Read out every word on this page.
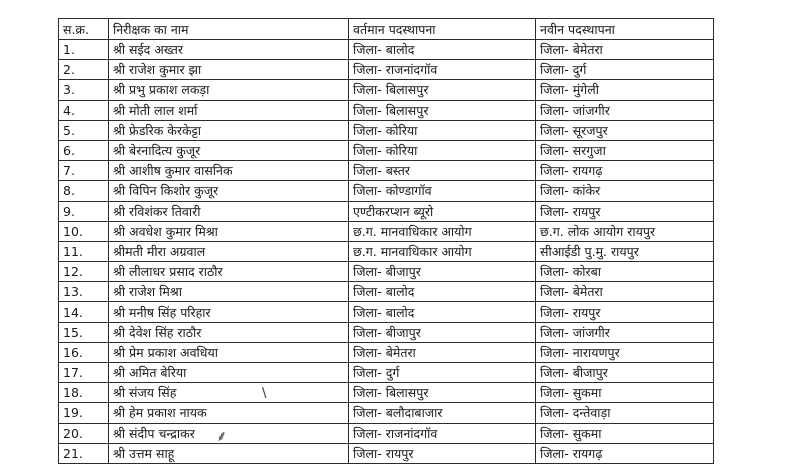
स.क्र.	निरीक्षक का नाम	वर्तमान पदस्थापना	नवीन पदस्थापना
1.	श्री सईद अख्तर	जिला- बालोद	जिला- बेमेतरा
2.	श्री राजेश कुमार झा	जिला- राजनांदगॉव	जिला- दुर्ग
3.	श्री प्रभु प्रकाश लकड़ा	जिला- बिलासपुर	जिला- मुंगेली
4.	श्री मोती लाल शर्मा	जिला- बिलासपुर	जिला- जांजगीर
5.	श्री फ्रेडरिक केरकेट्टा	जिला- कोरिया	जिला- सूरजपुर
6.	श्री बेरनादित्य कुजूर	जिला- कोरिया	जिला- सरगुजा
7.	श्री आशीष कुमार वासनिक	जिला- बस्तर	जिला- रायगढ़
8.	श्री विपिन किशोर कुजूर	जिला- कोण्डागॉव	जिला- कांकेर
9.	श्री रविशंकर तिवारी	एण्टीकरप्शन ब्यूरो	जिला- रायपुर
10.	श्री अवधेश कुमार मिश्रा	छ.ग. मानवाधिकार आयोग	छ.ग. लोक आयोग रायपुर
11.	श्रीमती मीरा अग्रवाल	छ.ग. मानवाधिकार आयोग	सीआईडी पु.मु. रायपुर
12.	श्री लीलाधर प्रसाद राठौर	जिला- बीजापुर	जिला- कोरबा
13.	श्री राजेश मिश्रा	जिला- बालोद	जिला- बेमेतरा
14.	श्री मनीष सिंह परिहार	जिला- बालोद	जिला- रायपुर
15.	श्री देवेश सिंह राठौर	जिला- बीजापुर	जिला- जांजगीर
16.	श्री प्रेम प्रकाश अवधिया	जिला- बेमेतरा	जिला- नारायणपुर
17.	श्री अमित बेरिया	जिला- दुर्ग	जिला- बीजापुर
18.	श्री संजय सिंह	जिला- बिलासपुर	जिला- सुकमा
19.	श्री हेम प्रकाश नायक	जिला- बलौदाबाजार	जिला- दन्तेवाड़ा
20.	श्री संदीप चन्द्राकर	जिला- राजनांदगॉव	जिला- सुकमा
21.	श्री उत्तम साहू	जिला- रायपुर	जिला- रायगढ़
\
⸙
